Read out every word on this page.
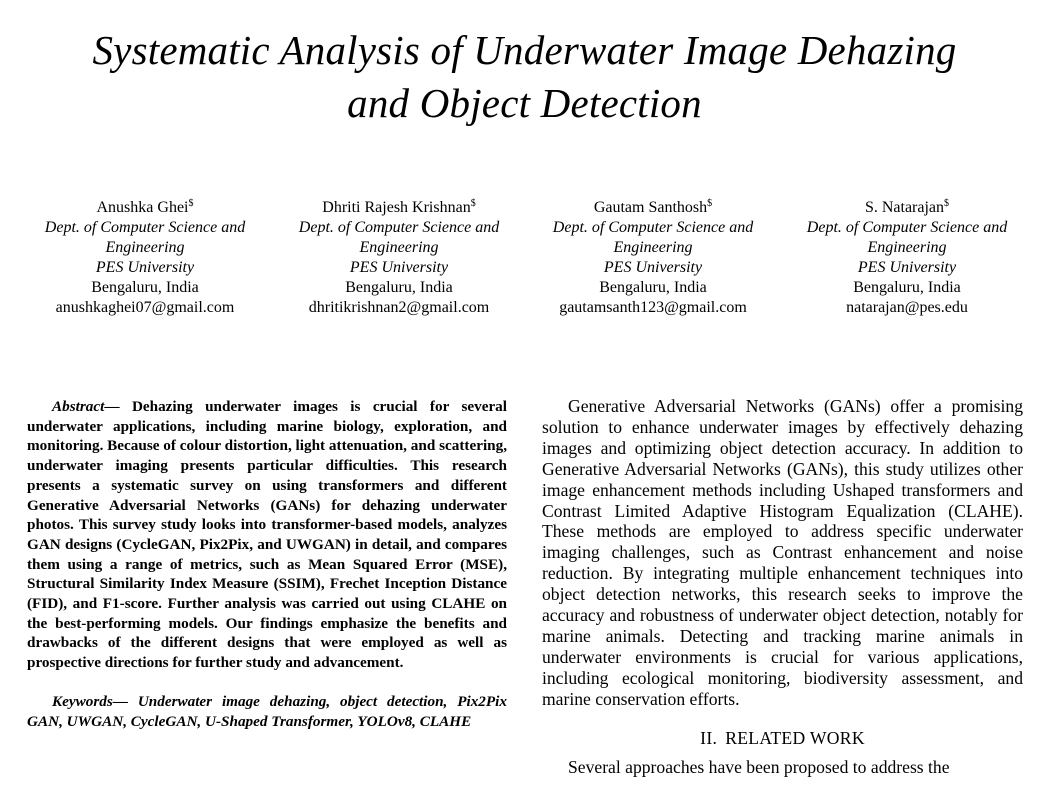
Systematic Analysis of Underwater Image Dehazing
and Object Detection
Anushka Ghei$
Dept. of Computer Science and
Engineering
PES University
Bengaluru, India
anushkaghei07@gmail.com
Dhriti Rajesh Krishnan$
Dept. of Computer Science and
Engineering
PES University
Bengaluru, India
dhritikrishnan2@gmail.com
Gautam Santhosh$
Dept. of Computer Science and
Engineering
PES University
Bengaluru, India
gautamsanth123@gmail.com
S. Natarajan$
Dept. of Computer Science and
Engineering
PES University
Bengaluru, India
natarajan@pes.edu

Abstract— Dehazing underwater images is crucial for several underwater applications, including marine biology, exploration, and monitoring. Because of colour distortion, light attenuation, and scattering, underwater imaging presents particular difficulties. This research presents a systematic survey on using transformers and different Generative Adversarial Networks (GANs) for dehazing underwater photos. This survey study looks into transformer-based models, analyzes GAN designs (CycleGAN, Pix2Pix, and UWGAN) in detail, and compares them using a range of metrics, such as Mean Squared Error (MSE), Structural Similarity Index Measure (SSIM), Frechet Inception Distance (FID), and F1-score. Further analysis was carried out using CLAHE on the best-performing models. Our findings emphasize the benefits and drawbacks of the different designs that were employed as well as prospective directions for further study and advancement.

Keywords— Underwater image dehazing, object detection, Pix2Pix GAN, UWGAN, CycleGAN, U-Shaped Transformer, YOLOv8, CLAHE

Generative Adversarial Networks (GANs) offer a promising solution to enhance underwater images by effectively dehazing images and optimizing object detection accuracy. In addition to Generative Adversarial Networks (GANs), this study utilizes other image enhancement methods including Ushaped transformers and Contrast Limited Adaptive Histogram Equalization (CLAHE). These methods are employed to address specific underwater imaging challenges, such as Contrast enhancement and noise reduction. By integrating multiple enhancement techniques into object detection networks, this research seeks to improve the accuracy and robustness of underwater object detection, notably for marine animals. Detecting and tracking marine animals in underwater environments is crucial for various applications, including ecological monitoring, biodiversity assessment, and marine conservation efforts.

II. RELATED WORK

Several approaches have been proposed to address the
